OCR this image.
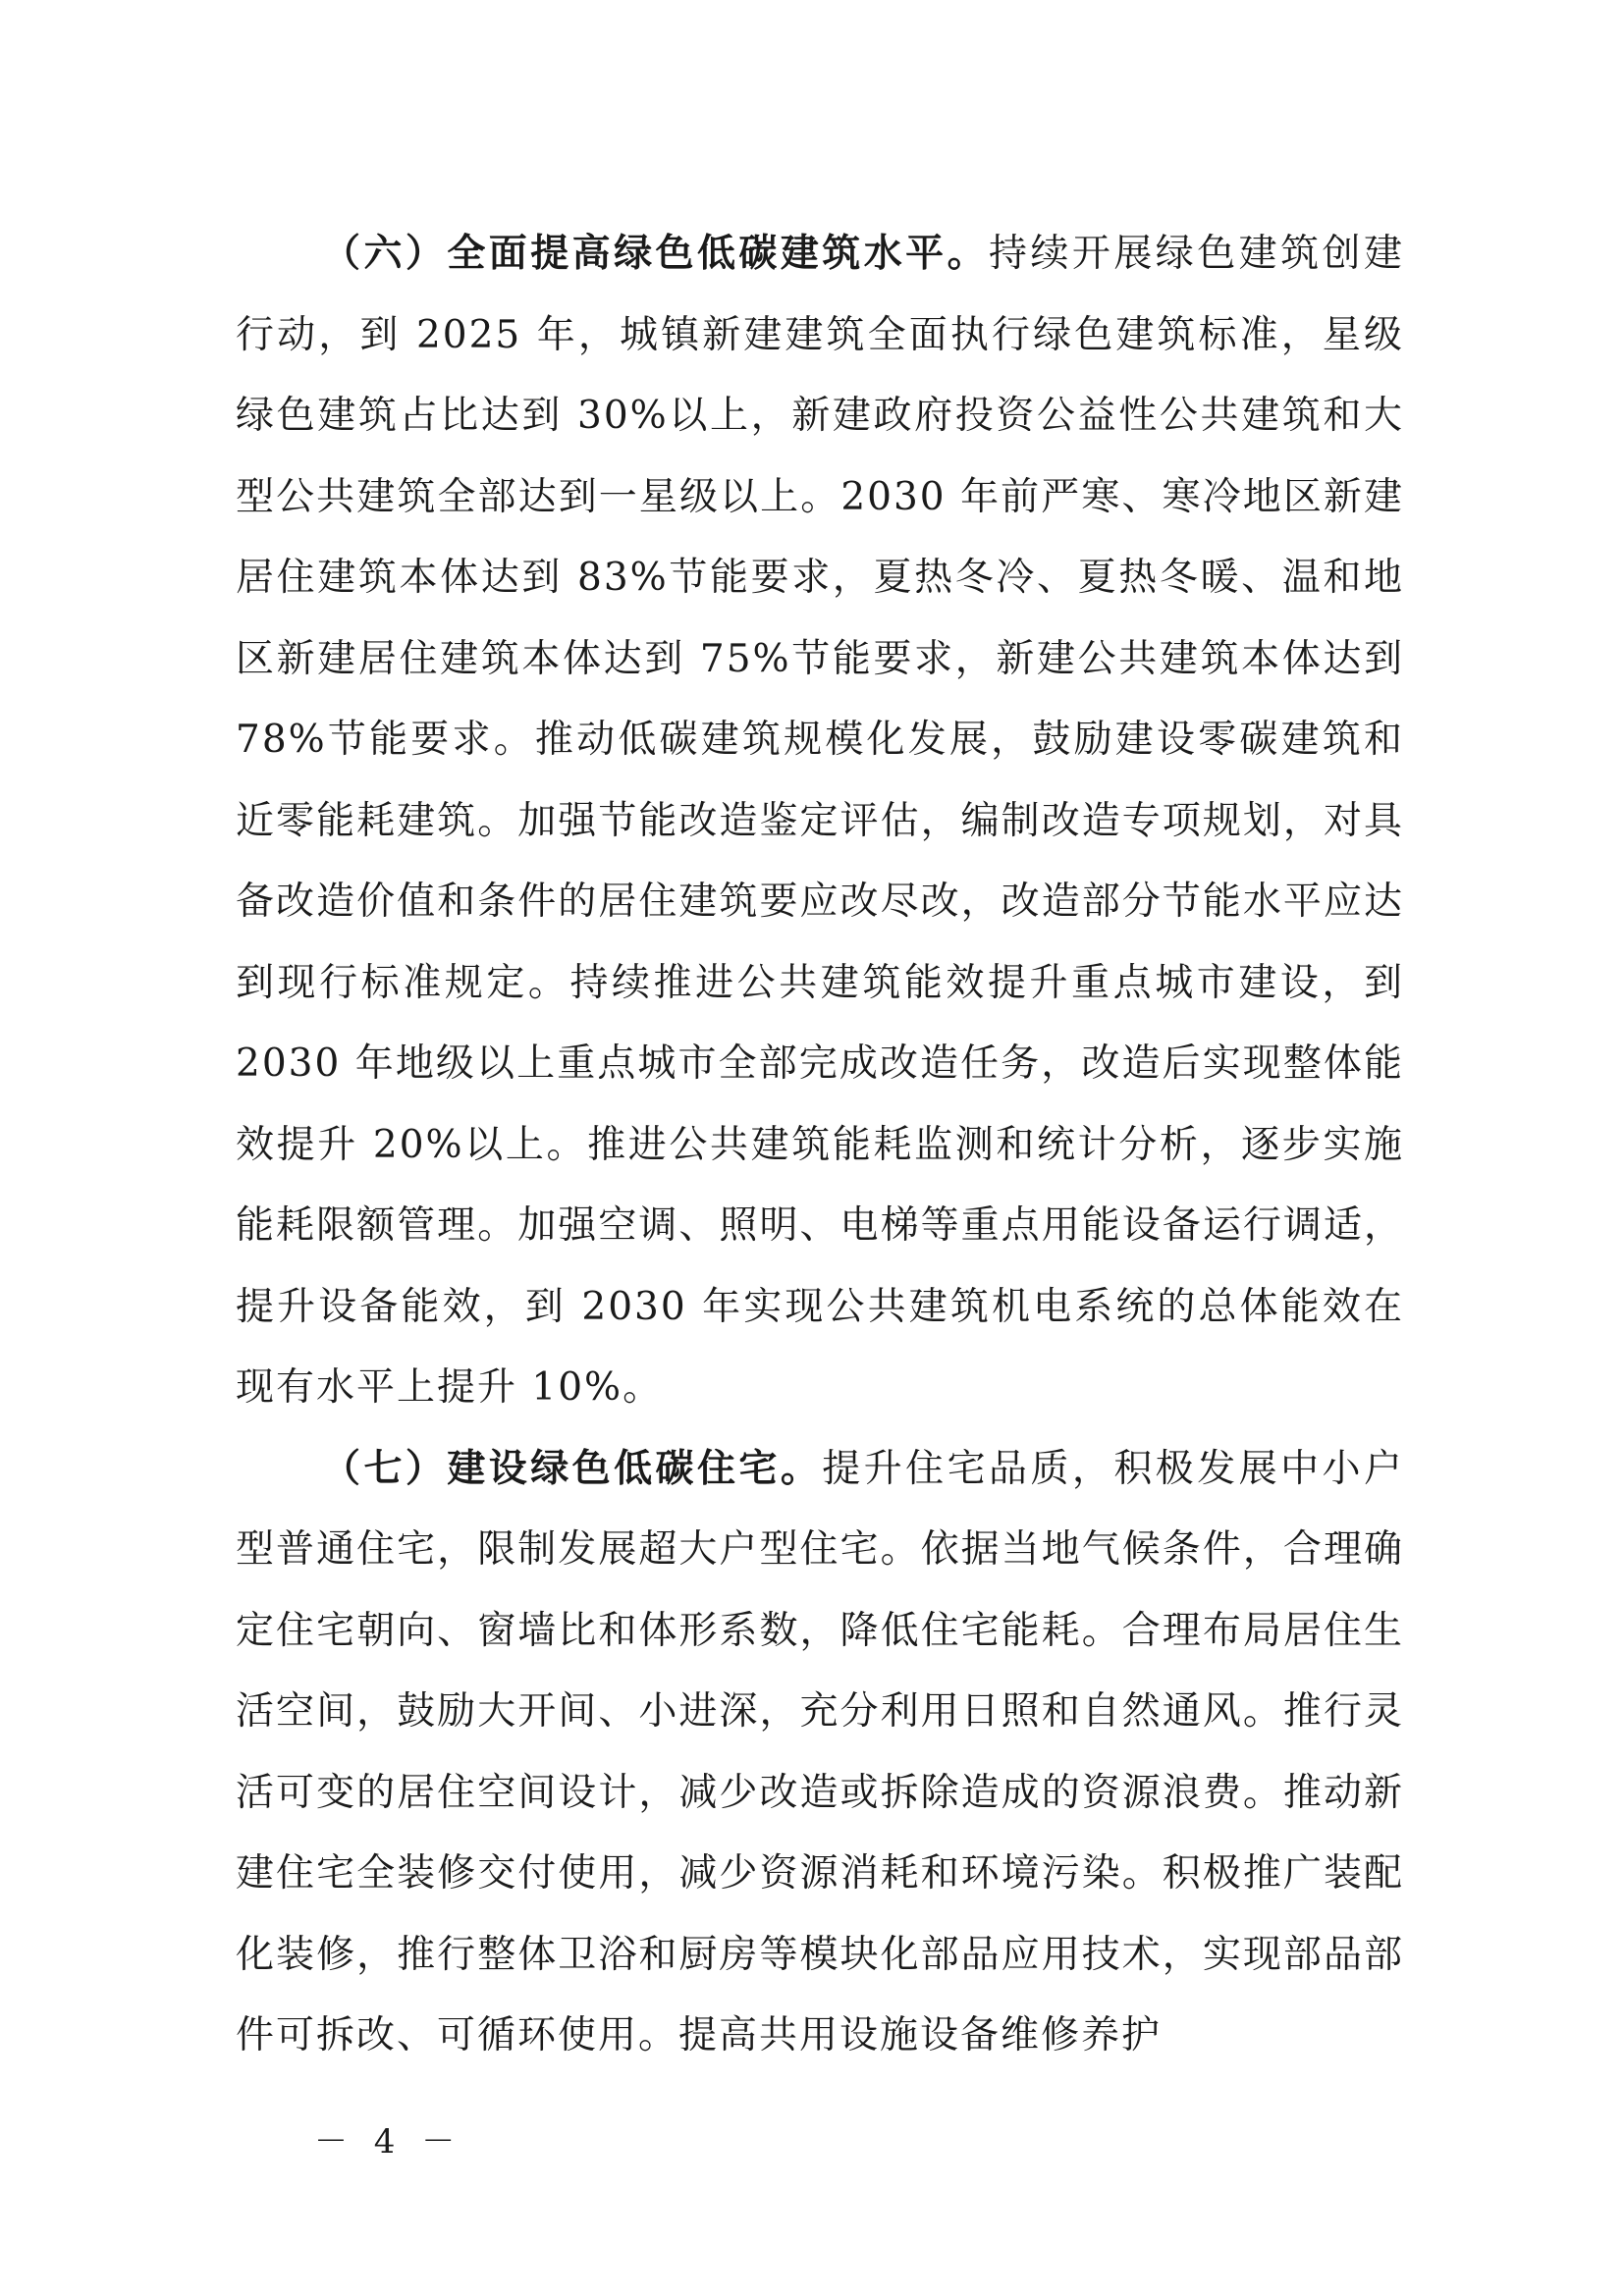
（六）全面提高绿色低碳建筑水平。持续开展绿色建筑创建行动，到 2025 年，城镇新建建筑全面执行绿色建筑标准，星级绿色建筑占比达到 30%以上，新建政府投资公益性公共建筑和大型公共建筑全部达到一星级以上。2030 年前严寒、寒冷地区新建居住建筑本体达到 83%节能要求，夏热冬冷、夏热冬暖、温和地区新建居住建筑本体达到 75%节能要求，新建公共建筑本体达到 78%节能要求。推动低碳建筑规模化发展，鼓励建设零碳建筑和近零能耗建筑。加强节能改造鉴定评估，编制改造专项规划，对具备改造价值和条件的居住建筑要应改尽改，改造部分节能水平应达到现行标准规定。持续推进公共建筑能效提升重点城市建设，到 2030 年地级以上重点城市全部完成改造任务，改造后实现整体能效提升 20%以上。推进公共建筑能耗监测和统计分析，逐步实施能耗限额管理。加强空调、照明、电梯等重点用能设备运行调适，提升设备能效，到 2030 年实现公共建筑机电系统的总体能效在现有水平上提升 10%。

（七）建设绿色低碳住宅。提升住宅品质，积极发展中小户型普通住宅，限制发展超大户型住宅。依据当地气候条件，合理确定住宅朝向、窗墙比和体形系数，降低住宅能耗。合理布局居住生活空间，鼓励大开间、小进深，充分利用日照和自然通风。推行灵活可变的居住空间设计，减少改造或拆除造成的资源浪费。推动新建住宅全装修交付使用，减少资源消耗和环境污染。积极推广装配化装修，推行整体卫浴和厨房等模块化部品应用技术，实现部品部件可拆改、可循环使用。提高共用设施设备维修养护

－ 4 －
